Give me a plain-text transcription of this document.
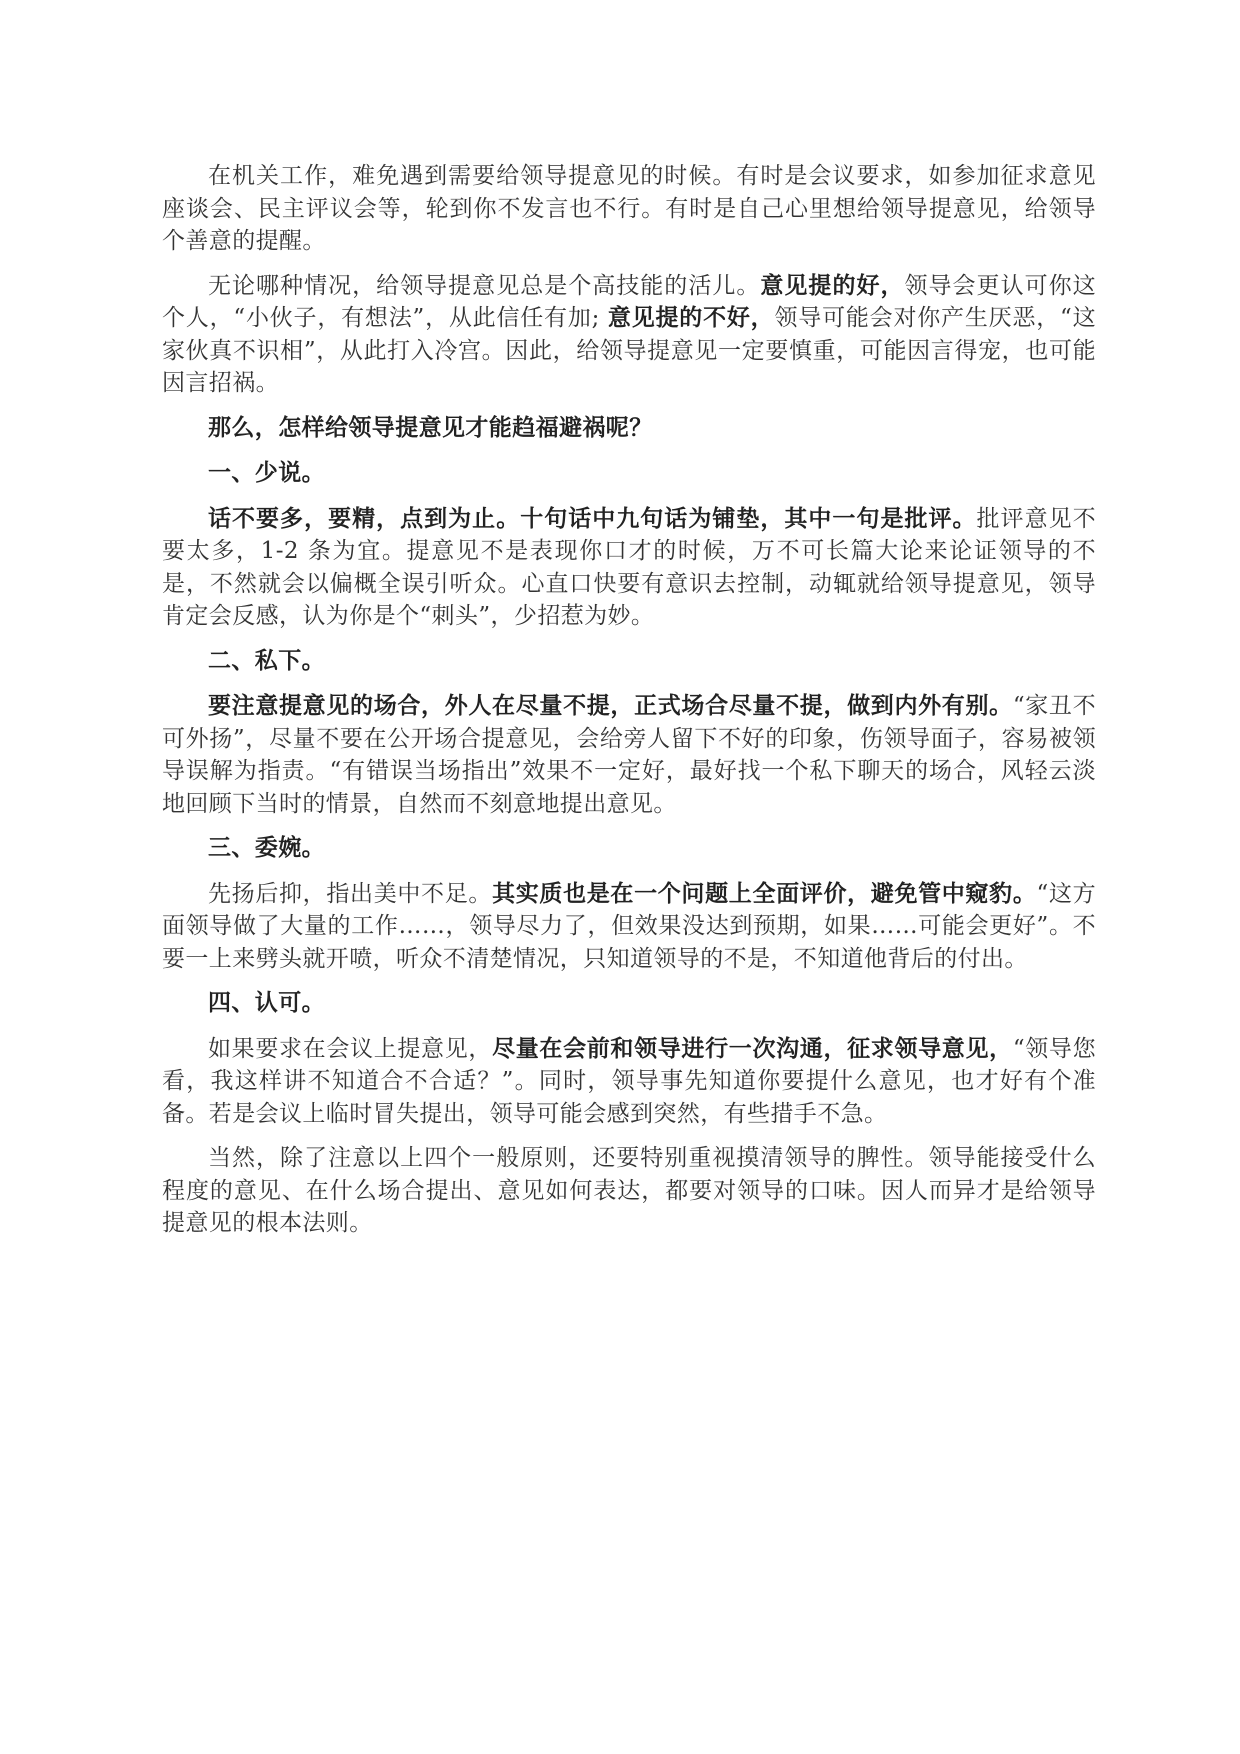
在机关工作，难免遇到需要给领导提意见的时候。有时是会议要求，如参加征求意见座谈会、民主评议会等，轮到你不发言也不行。有时是自己心里想给领导提意见，给领导个善意的提醒。

无论哪种情况，给领导提意见总是个高技能的活儿。意见提的好，领导会更认可你这个人，“小伙子，有想法”，从此信任有加; 意见提的不好，领导可能会对你产生厌恶，“这家伙真不识相”，从此打入冷宫。因此，给领导提意见一定要慎重，可能因言得宠，也可能因言招祸。

那么，怎样给领导提意见才能趋福避祸呢？

一、少说。

话不要多，要精，点到为止。十句话中九句话为铺垫，其中一句是批评。批评意见不要太多，1-2 条为宜。提意见不是表现你口才的时候，万不可长篇大论来论证领导的不是，不然就会以偏概全误引听众。心直口快要有意识去控制，动辄就给领导提意见，领导肯定会反感，认为你是个“刺头”，少招惹为妙。

二、私下。

要注意提意见的场合，外人在尽量不提，正式场合尽量不提，做到内外有别。“家丑不可外扬”，尽量不要在公开场合提意见，会给旁人留下不好的印象，伤领导面子，容易被领导误解为指责。“有错误当场指出”效果不一定好，最好找一个私下聊天的场合，风轻云淡地回顾下当时的情景，自然而不刻意地提出意见。

三、委婉。

先扬后抑，指出美中不足。其实质也是在一个问题上全面评价，避免管中窥豹。“这方面领导做了大量的工作……，领导尽力了，但效果没达到预期，如果……可能会更好”。不要一上来劈头就开喷，听众不清楚情况，只知道领导的不是，不知道他背后的付出。

四、认可。

如果要求在会议上提意见，尽量在会前和领导进行一次沟通，征求领导意见，“领导您看，我这样讲不知道合不合适？”。同时，领导事先知道你要提什么意见，也才好有个准备。若是会议上临时冒失提出，领导可能会感到突然，有些措手不急。

当然，除了注意以上四个一般原则，还要特别重视摸清领导的脾性。领导能接受什么程度的意见、在什么场合提出、意见如何表达，都要对领导的口味。因人而异才是给领导提意见的根本法则。
